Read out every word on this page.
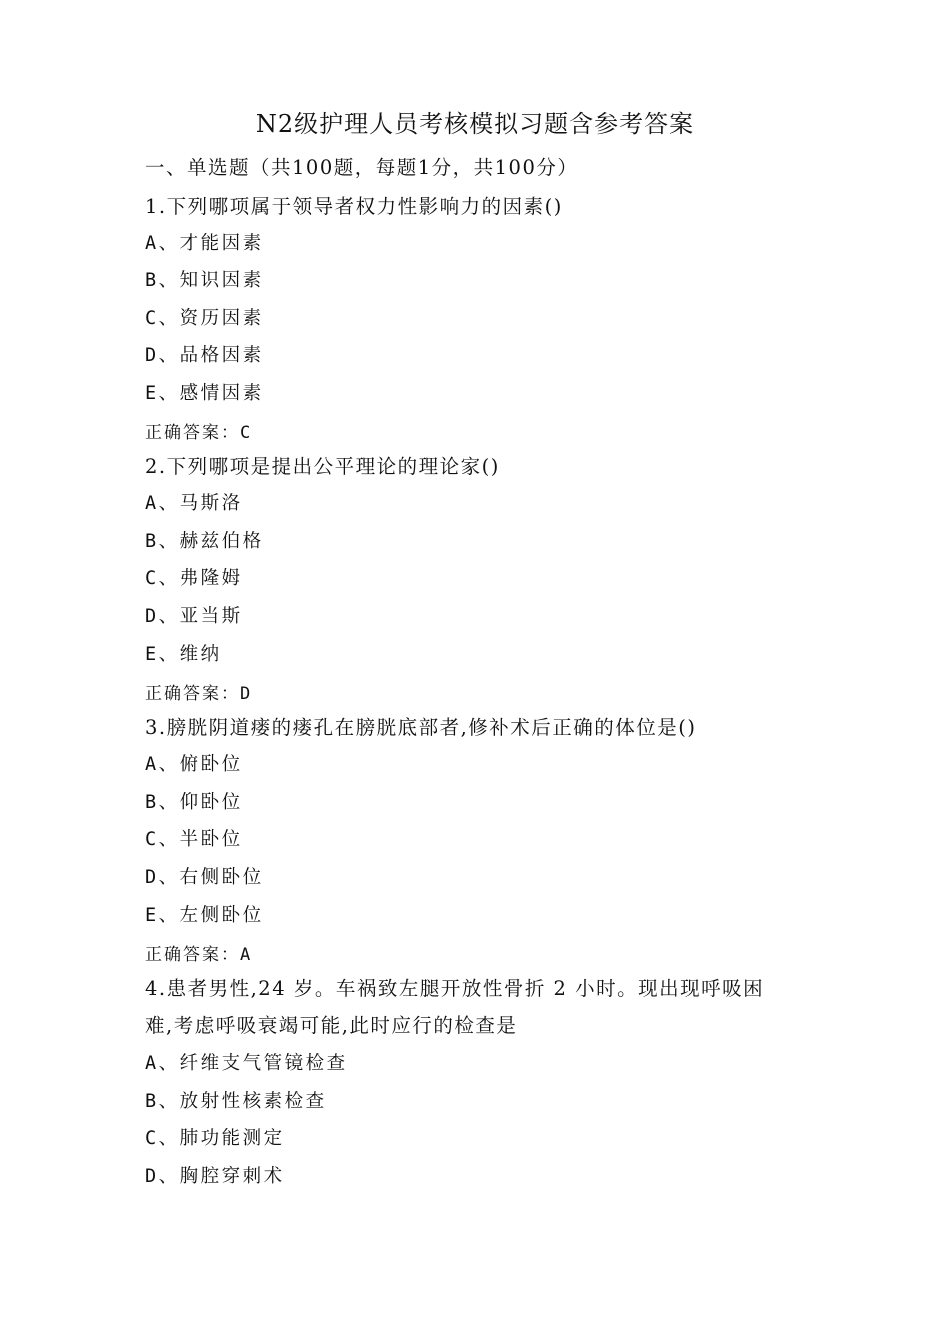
N2级护理人员考核模拟习题含参考答案
一、单选题（共100题，每题1分，共100分）
1.下列哪项属于领导者权力性影响力的因素()
A、才能因素
B、知识因素
C、资历因素
D、品格因素
E、感情因素
正确答案：C
2.下列哪项是提出公平理论的理论家()
A、马斯洛
B、赫兹伯格
C、弗隆姆
D、亚当斯
E、维纳
正确答案：D
3.膀胱阴道瘘的瘘孔在膀胱底部者,修补术后正确的体位是()
A、俯卧位
B、仰卧位
C、半卧位
D、右侧卧位
E、左侧卧位
正确答案：A
4.患者男性,24 岁。车祸致左腿开放性骨折 2 小时。现出现呼吸困
难,考虑呼吸衰竭可能,此时应行的检查是
A、纤维支气管镜检查
B、放射性核素检查
C、肺功能测定
D、胸腔穿刺术
